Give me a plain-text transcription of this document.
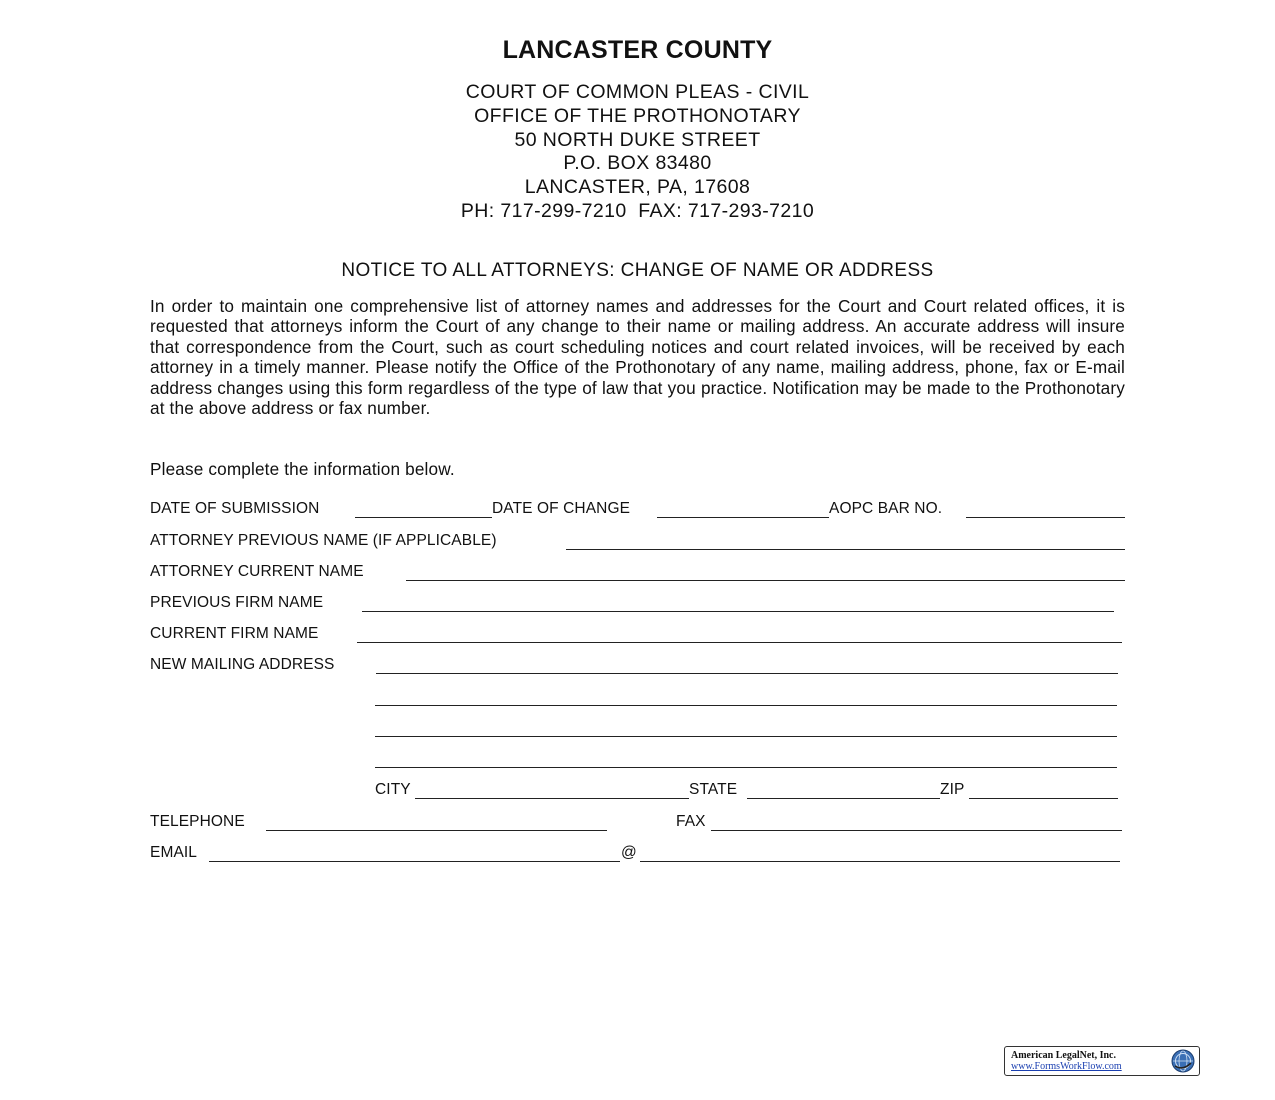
LANCASTER COUNTY
COURT OF COMMON PLEAS - CIVIL
OFFICE OF THE PROTHONOTARY
50 NORTH DUKE STREET
P.O. BOX 83480
LANCASTER, PA, 17608
PH: 717-299-7210  FAX: 717-293-7210
NOTICE TO ALL ATTORNEYS: CHANGE OF NAME OR ADDRESS

In order to maintain one comprehensive list of attorney names and addresses for the Court and Court related offices, it is requested that attorneys inform the Court of any change to their name or mailing address. An accurate address will insure that correspondence from the Court, such as court scheduling notices and court related invoices, will be received by each attorney in a timely manner. Please notify the Office of the Prothonotary of any name, mailing address, phone, fax or E-mail address changes using this form regardless of the type of law that you practice. Notification may be made to the Prothonotary at the above address or fax number.

Please complete the information below.
DATE OF SUBMISSION	DATE OF CHANGE	AOPC BAR NO.
ATTORNEY PREVIOUS NAME (IF APPLICABLE)
ATTORNEY CURRENT NAME
PREVIOUS FIRM NAME
CURRENT FIRM NAME
NEW MAILING ADDRESS
CITY	STATE	ZIP
TELEPHONE	FAX
EMAIL	@
American LegalNet, Inc.
www.FormsWorkFlow.com
